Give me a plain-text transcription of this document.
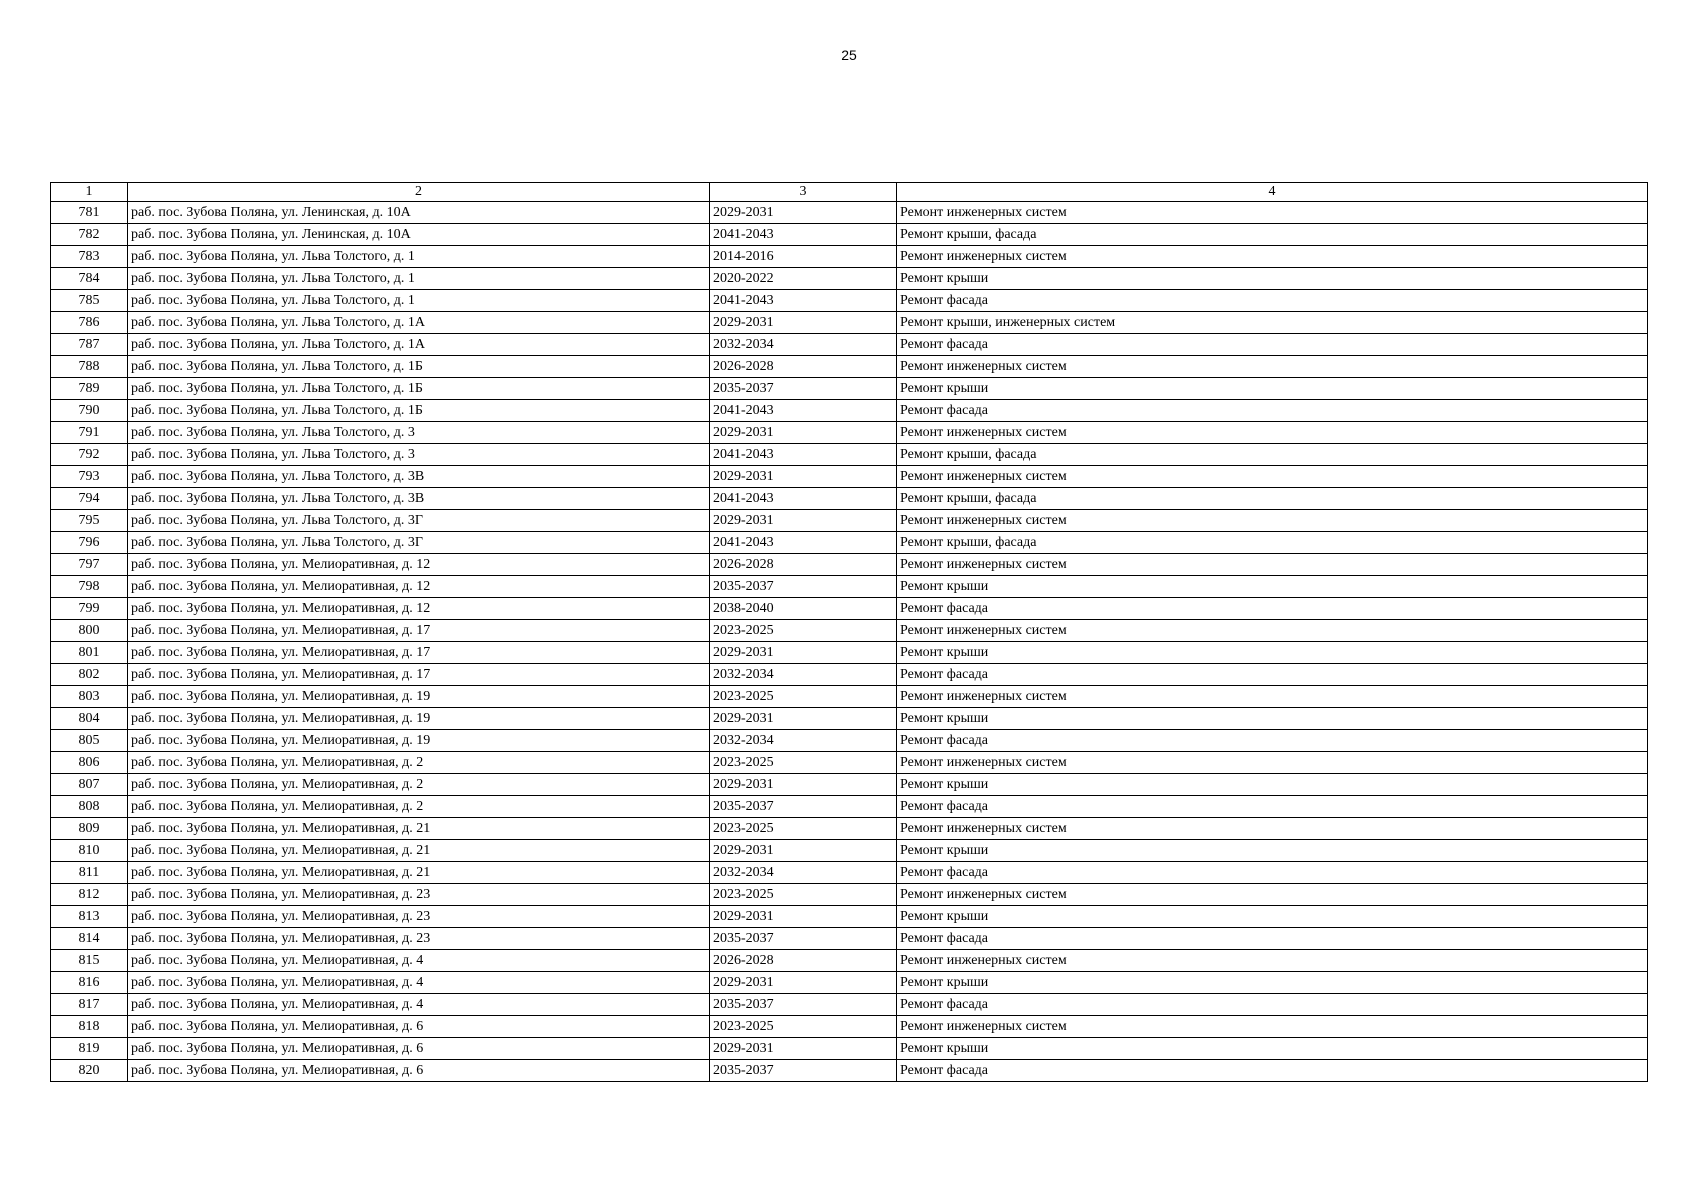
25
1	2	3	4
781	раб. пос. Зубова Поляна, ул. Ленинская, д. 10А	2029-2031	Ремонт инженерных систем
782	раб. пос. Зубова Поляна, ул. Ленинская, д. 10А	2041-2043	Ремонт крыши, фасада
783	раб. пос. Зубова Поляна, ул. Льва Толстого, д. 1	2014-2016	Ремонт инженерных систем
784	раб. пос. Зубова Поляна, ул. Льва Толстого, д. 1	2020-2022	Ремонт крыши
785	раб. пос. Зубова Поляна, ул. Льва Толстого, д. 1	2041-2043	Ремонт фасада
786	раб. пос. Зубова Поляна, ул. Льва Толстого, д. 1А	2029-2031	Ремонт крыши, инженерных систем
787	раб. пос. Зубова Поляна, ул. Льва Толстого, д. 1А	2032-2034	Ремонт фасада
788	раб. пос. Зубова Поляна, ул. Льва Толстого, д. 1Б	2026-2028	Ремонт инженерных систем
789	раб. пос. Зубова Поляна, ул. Льва Толстого, д. 1Б	2035-2037	Ремонт крыши
790	раб. пос. Зубова Поляна, ул. Льва Толстого, д. 1Б	2041-2043	Ремонт фасада
791	раб. пос. Зубова Поляна, ул. Льва Толстого, д. 3	2029-2031	Ремонт инженерных систем
792	раб. пос. Зубова Поляна, ул. Льва Толстого, д. 3	2041-2043	Ремонт крыши, фасада
793	раб. пос. Зубова Поляна, ул. Льва Толстого, д. 3В	2029-2031	Ремонт инженерных систем
794	раб. пос. Зубова Поляна, ул. Льва Толстого, д. 3В	2041-2043	Ремонт крыши, фасада
795	раб. пос. Зубова Поляна, ул. Льва Толстого, д. 3Г	2029-2031	Ремонт инженерных систем
796	раб. пос. Зубова Поляна, ул. Льва Толстого, д. 3Г	2041-2043	Ремонт крыши, фасада
797	раб. пос. Зубова Поляна, ул. Мелиоративная, д. 12	2026-2028	Ремонт инженерных систем
798	раб. пос. Зубова Поляна, ул. Мелиоративная, д. 12	2035-2037	Ремонт крыши
799	раб. пос. Зубова Поляна, ул. Мелиоративная, д. 12	2038-2040	Ремонт фасада
800	раб. пос. Зубова Поляна, ул. Мелиоративная, д. 17	2023-2025	Ремонт инженерных систем
801	раб. пос. Зубова Поляна, ул. Мелиоративная, д. 17	2029-2031	Ремонт крыши
802	раб. пос. Зубова Поляна, ул. Мелиоративная, д. 17	2032-2034	Ремонт фасада
803	раб. пос. Зубова Поляна, ул. Мелиоративная, д. 19	2023-2025	Ремонт инженерных систем
804	раб. пос. Зубова Поляна, ул. Мелиоративная, д. 19	2029-2031	Ремонт крыши
805	раб. пос. Зубова Поляна, ул. Мелиоративная, д. 19	2032-2034	Ремонт фасада
806	раб. пос. Зубова Поляна, ул. Мелиоративная, д. 2	2023-2025	Ремонт инженерных систем
807	раб. пос. Зубова Поляна, ул. Мелиоративная, д. 2	2029-2031	Ремонт крыши
808	раб. пос. Зубова Поляна, ул. Мелиоративная, д. 2	2035-2037	Ремонт фасада
809	раб. пос. Зубова Поляна, ул. Мелиоративная, д. 21	2023-2025	Ремонт инженерных систем
810	раб. пос. Зубова Поляна, ул. Мелиоративная, д. 21	2029-2031	Ремонт крыши
811	раб. пос. Зубова Поляна, ул. Мелиоративная, д. 21	2032-2034	Ремонт фасада
812	раб. пос. Зубова Поляна, ул. Мелиоративная, д. 23	2023-2025	Ремонт инженерных систем
813	раб. пос. Зубова Поляна, ул. Мелиоративная, д. 23	2029-2031	Ремонт крыши
814	раб. пос. Зубова Поляна, ул. Мелиоративная, д. 23	2035-2037	Ремонт фасада
815	раб. пос. Зубова Поляна, ул. Мелиоративная, д. 4	2026-2028	Ремонт инженерных систем
816	раб. пос. Зубова Поляна, ул. Мелиоративная, д. 4	2029-2031	Ремонт крыши
817	раб. пос. Зубова Поляна, ул. Мелиоративная, д. 4	2035-2037	Ремонт фасада
818	раб. пос. Зубова Поляна, ул. Мелиоративная, д. 6	2023-2025	Ремонт инженерных систем
819	раб. пос. Зубова Поляна, ул. Мелиоративная, д. 6	2029-2031	Ремонт крыши
820	раб. пос. Зубова Поляна, ул. Мелиоративная, д. 6	2035-2037	Ремонт фасада
